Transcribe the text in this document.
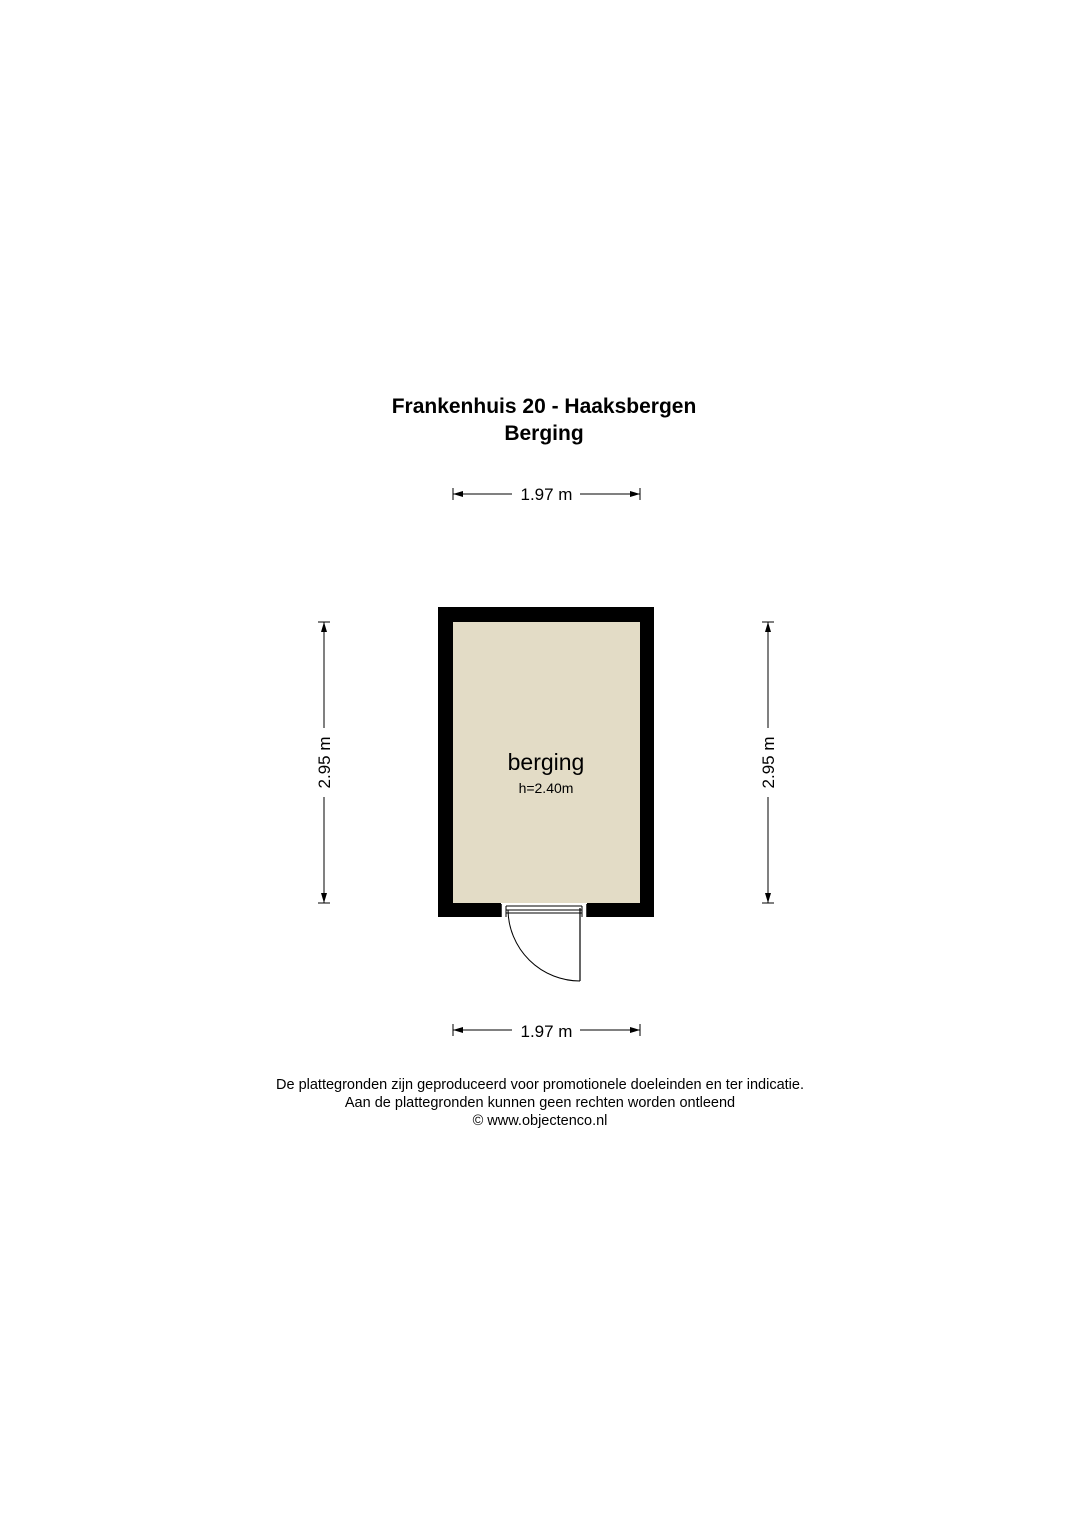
Frankenhuis 20 - Haaksbergen
Berging
1.97 m
2.95 m	2.95 m
berging
h=2.40m
1.97 m
De plattegronden zijn geproduceerd voor promotionele doeleinden en ter indicatie.
Aan de plattegronden kunnen geen rechten worden ontleend
© www.objectenco.nl
